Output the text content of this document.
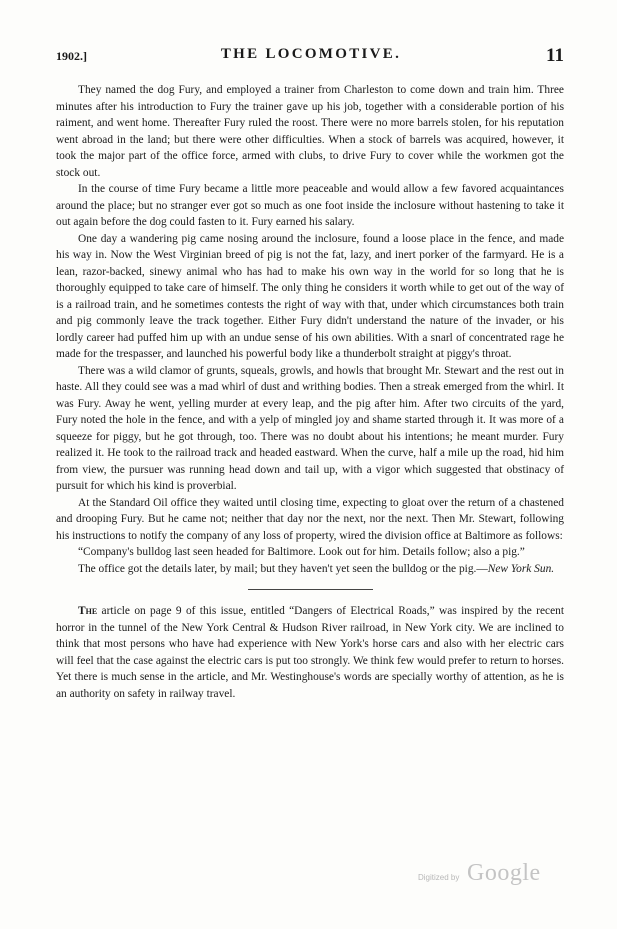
1902.]	THE LOCOMOTIVE.	11

They named the dog Fury, and employed a trainer from Charleston to come down and train him. Three minutes after his introduction to Fury the trainer gave up his job, together with a considerable portion of his raiment, and went home. Thereafter Fury ruled the roost. There were no more barrels stolen, for his reputation went abroad in the land; but there were other difficulties. When a stock of barrels was acquired, however, it took the major part of the office force, armed with clubs, to drive Fury to cover while the workmen got the stock out.

In the course of time Fury became a little more peaceable and would allow a few favored acquaintances around the place; but no stranger ever got so much as one foot inside the inclosure without hastening to take it out again before the dog could fasten to it. Fury earned his salary.

One day a wandering pig came nosing around the inclosure, found a loose place in the fence, and made his way in. Now the West Virginian breed of pig is not the fat, lazy, and inert porker of the farmyard. He is a lean, razor-backed, sinewy animal who has had to make his own way in the world for so long that he is thoroughly equipped to take care of himself. The only thing he considers it worth while to get out of the way of is a railroad train, and he sometimes contests the right of way with that, under which circumstances both train and pig commonly leave the track together. Either Fury didn't understand the nature of the invader, or his lordly career had puffed him up with an undue sense of his own abilities. With a snarl of concentrated rage he made for the trespasser, and launched his powerful body like a thunderbolt straight at piggy's throat.

There was a wild clamor of grunts, squeals, growls, and howls that brought Mr. Stewart and the rest out in haste. All they could see was a mad whirl of dust and writhing bodies. Then a streak emerged from the whirl. It was Fury. Away he went, yelling murder at every leap, and the pig after him. After two circuits of the yard, Fury noted the hole in the fence, and with a yelp of mingled joy and shame started through it. It was more of a squeeze for piggy, but he got through, too. There was no doubt about his intentions; he meant murder. Fury realized it. He took to the railroad track and headed eastward. When the curve, half a mile up the road, hid him from view, the pursuer was running head down and tail up, with a vigor which suggested that obstinacy of pursuit for which his kind is proverbial.

At the Standard Oil office they waited until closing time, expecting to gloat over the return of a chastened and drooping Fury. But he came not; neither that day nor the next, nor the next. Then Mr. Stewart, following his instructions to notify the company of any loss of property, wired the division office at Baltimore as follows:

“Company's bulldog last seen headed for Baltimore. Look out for him. Details follow; also a pig.”

The office got the details later, by mail; but they haven't yet seen the bulldog or the pig.—New York Sun.

The article on page 9 of this issue, entitled “Dangers of Electrical Roads,” was inspired by the recent horror in the tunnel of the New York Central & Hudson River railroad, in New York city. We are inclined to think that most persons who have had experience with New York's horse cars and also with her electric cars will feel that the case against the electric cars is put too strongly. We think few would prefer to return to horses. Yet there is much sense in the article, and Mr. Westinghouse's words are specially worthy of attention, as he is an authority on safety in railway travel.

Digitized by Google
